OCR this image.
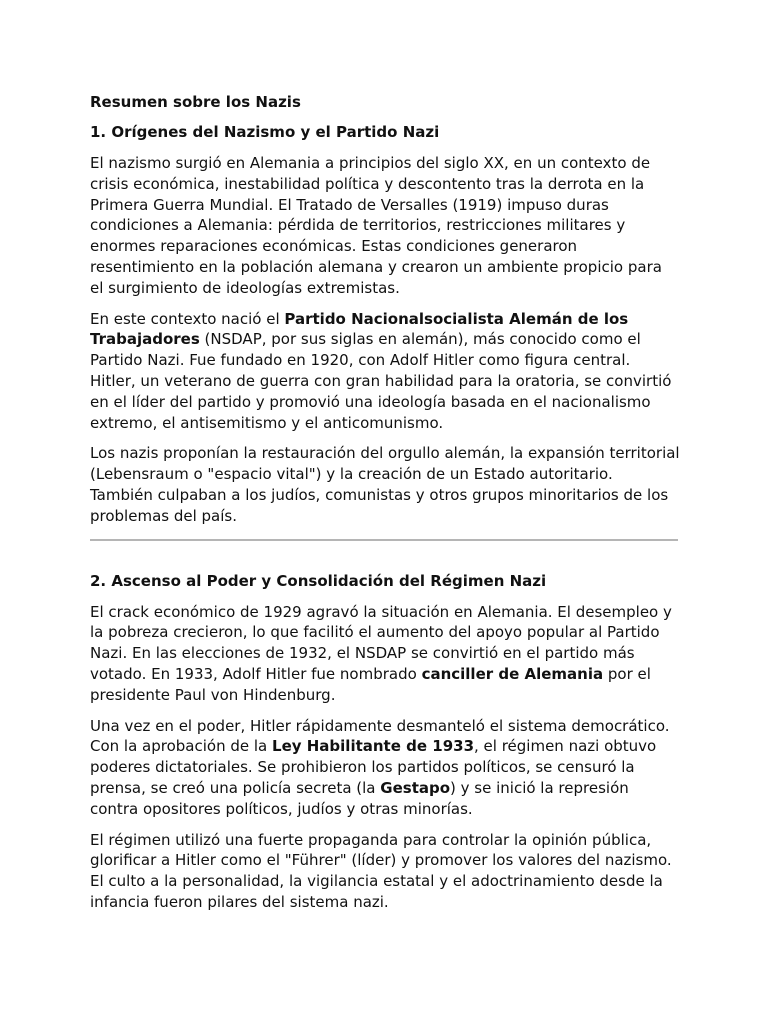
Resumen sobre los Nazis
1. Orígenes del Nazismo y el Partido Nazi

El nazismo surgió en Alemania a principios del siglo XX, en un contexto de crisis económica, inestabilidad política y descontento tras la derrota en la Primera Guerra Mundial. El Tratado de Versalles (1919) impuso duras condiciones a Alemania: pérdida de territorios, restricciones militares y enormes reparaciones económicas. Estas condiciones generaron resentimiento en la población alemana y crearon un ambiente propicio para el surgimiento de ideologías extremistas.

En este contexto nació el Partido Nacionalsocialista Alemán de los Trabajadores (NSDAP, por sus siglas en alemán), más conocido como el Partido Nazi. Fue fundado en 1920, con Adolf Hitler como figura central. Hitler, un veterano de guerra con gran habilidad para la oratoria, se convirtió en el líder del partido y promovió una ideología basada en el nacionalismo extremo, el antisemitismo y el anticomunismo.

Los nazis proponían la restauración del orgullo alemán, la expansión territorial (Lebensraum o "espacio vital") y la creación de un Estado autoritario. También culpaban a los judíos, comunistas y otros grupos minoritarios de los problemas del país.

2. Ascenso al Poder y Consolidación del Régimen Nazi

El crack económico de 1929 agravó la situación en Alemania. El desempleo y la pobreza crecieron, lo que facilitó el aumento del apoyo popular al Partido Nazi. En las elecciones de 1932, el NSDAP se convirtió en el partido más votado. En 1933, Adolf Hitler fue nombrado canciller de Alemania por el presidente Paul von Hindenburg.

Una vez en el poder, Hitler rápidamente desmanteló el sistema democrático. Con la aprobación de la Ley Habilitante de 1933, el régimen nazi obtuvo poderes dictatoriales. Se prohibieron los partidos políticos, se censuró la prensa, se creó una policía secreta (la Gestapo) y se inició la represión contra opositores políticos, judíos y otras minorías.

El régimen utilizó una fuerte propaganda para controlar la opinión pública, glorificar a Hitler como el "Führer" (líder) y promover los valores del nazismo. El culto a la personalidad, la vigilancia estatal y el adoctrinamiento desde la infancia fueron pilares del sistema nazi.
